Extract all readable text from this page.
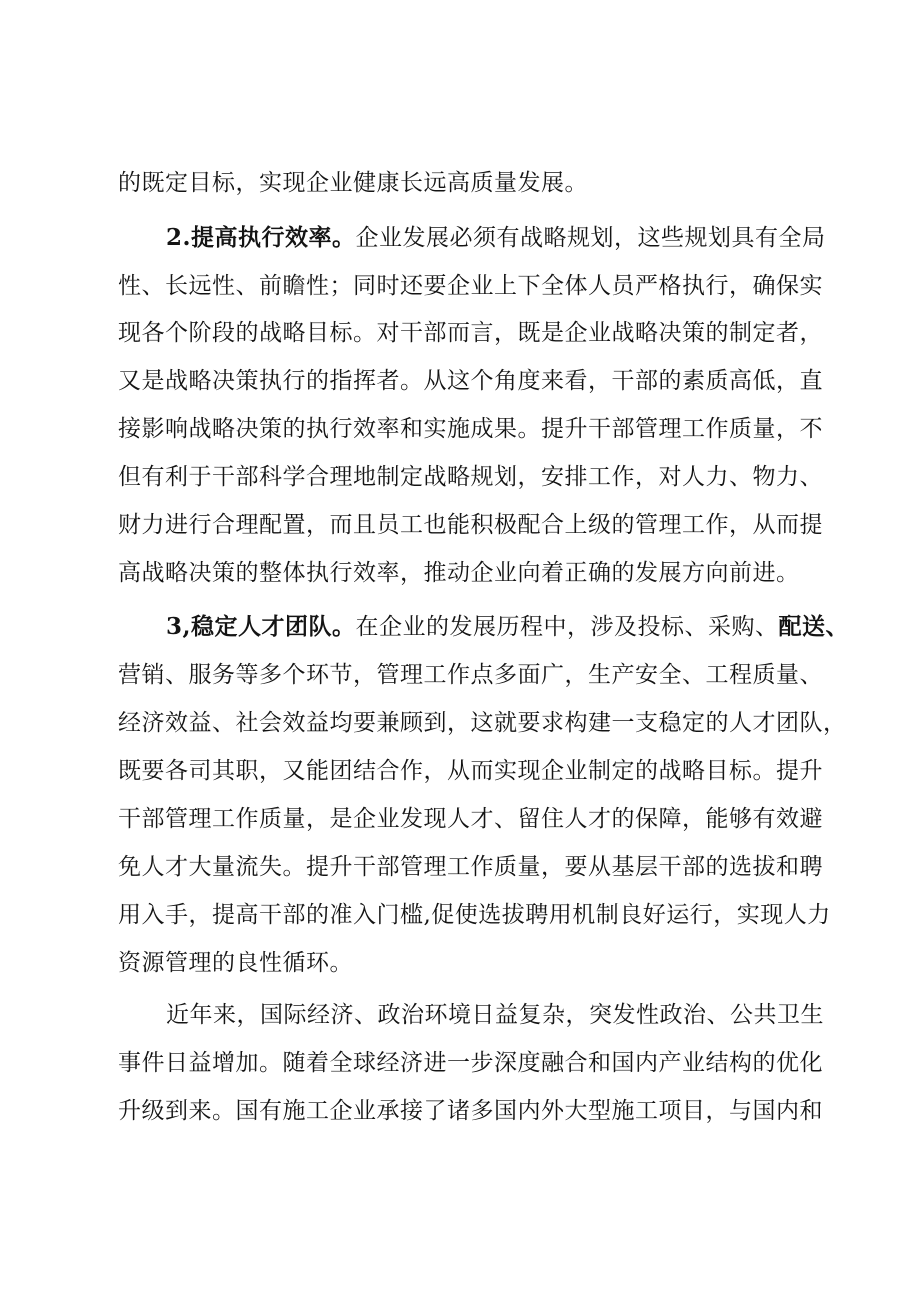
的既定目标，实现企业健康长远高质量发展。
2.提高执行效率。企业发展必须有战略规划，这些规划具有全局
性、长远性、前瞻性；同时还要企业上下全体人员严格执行，确保实
现各个阶段的战略目标。对干部而言，既是企业战略决策的制定者，
又是战略决策执行的指挥者。从这个角度来看，干部的素质高低，直
接影响战略决策的执行效率和实施成果。提升干部管理工作质量，不
但有利于干部科学合理地制定战略规划，安排工作，对人力、物力、
财力进行合理配置，而且员工也能积极配合上级的管理工作，从而提
高战略决策的整体执行效率，推动企业向着正确的发展方向前进。
3,稳定人才团队。在企业的发展历程中，涉及投标、采购、配送、
营销、服务等多个环节，管理工作点多面广，生产安全、工程质量、
经济效益、社会效益均要兼顾到，这就要求构建一支稳定的人才团队，
既要各司其职，又能团结合作，从而实现企业制定的战略目标。提升
干部管理工作质量，是企业发现人才、留住人才的保障，能够有效避
免人才大量流失。提升干部管理工作质量，要从基层干部的选拔和聘
用入手，提高干部的准入门槛,促使选拔聘用机制良好运行，实现人力
资源管理的良性循环。
近年来，国际经济、政治环境日益复杂，突发性政治、公共卫生
事件日益增加。随着全球经济进一步深度融合和国内产业结构的优化
升级到来。国有施工企业承接了诸多国内外大型施工项目，与国内和
